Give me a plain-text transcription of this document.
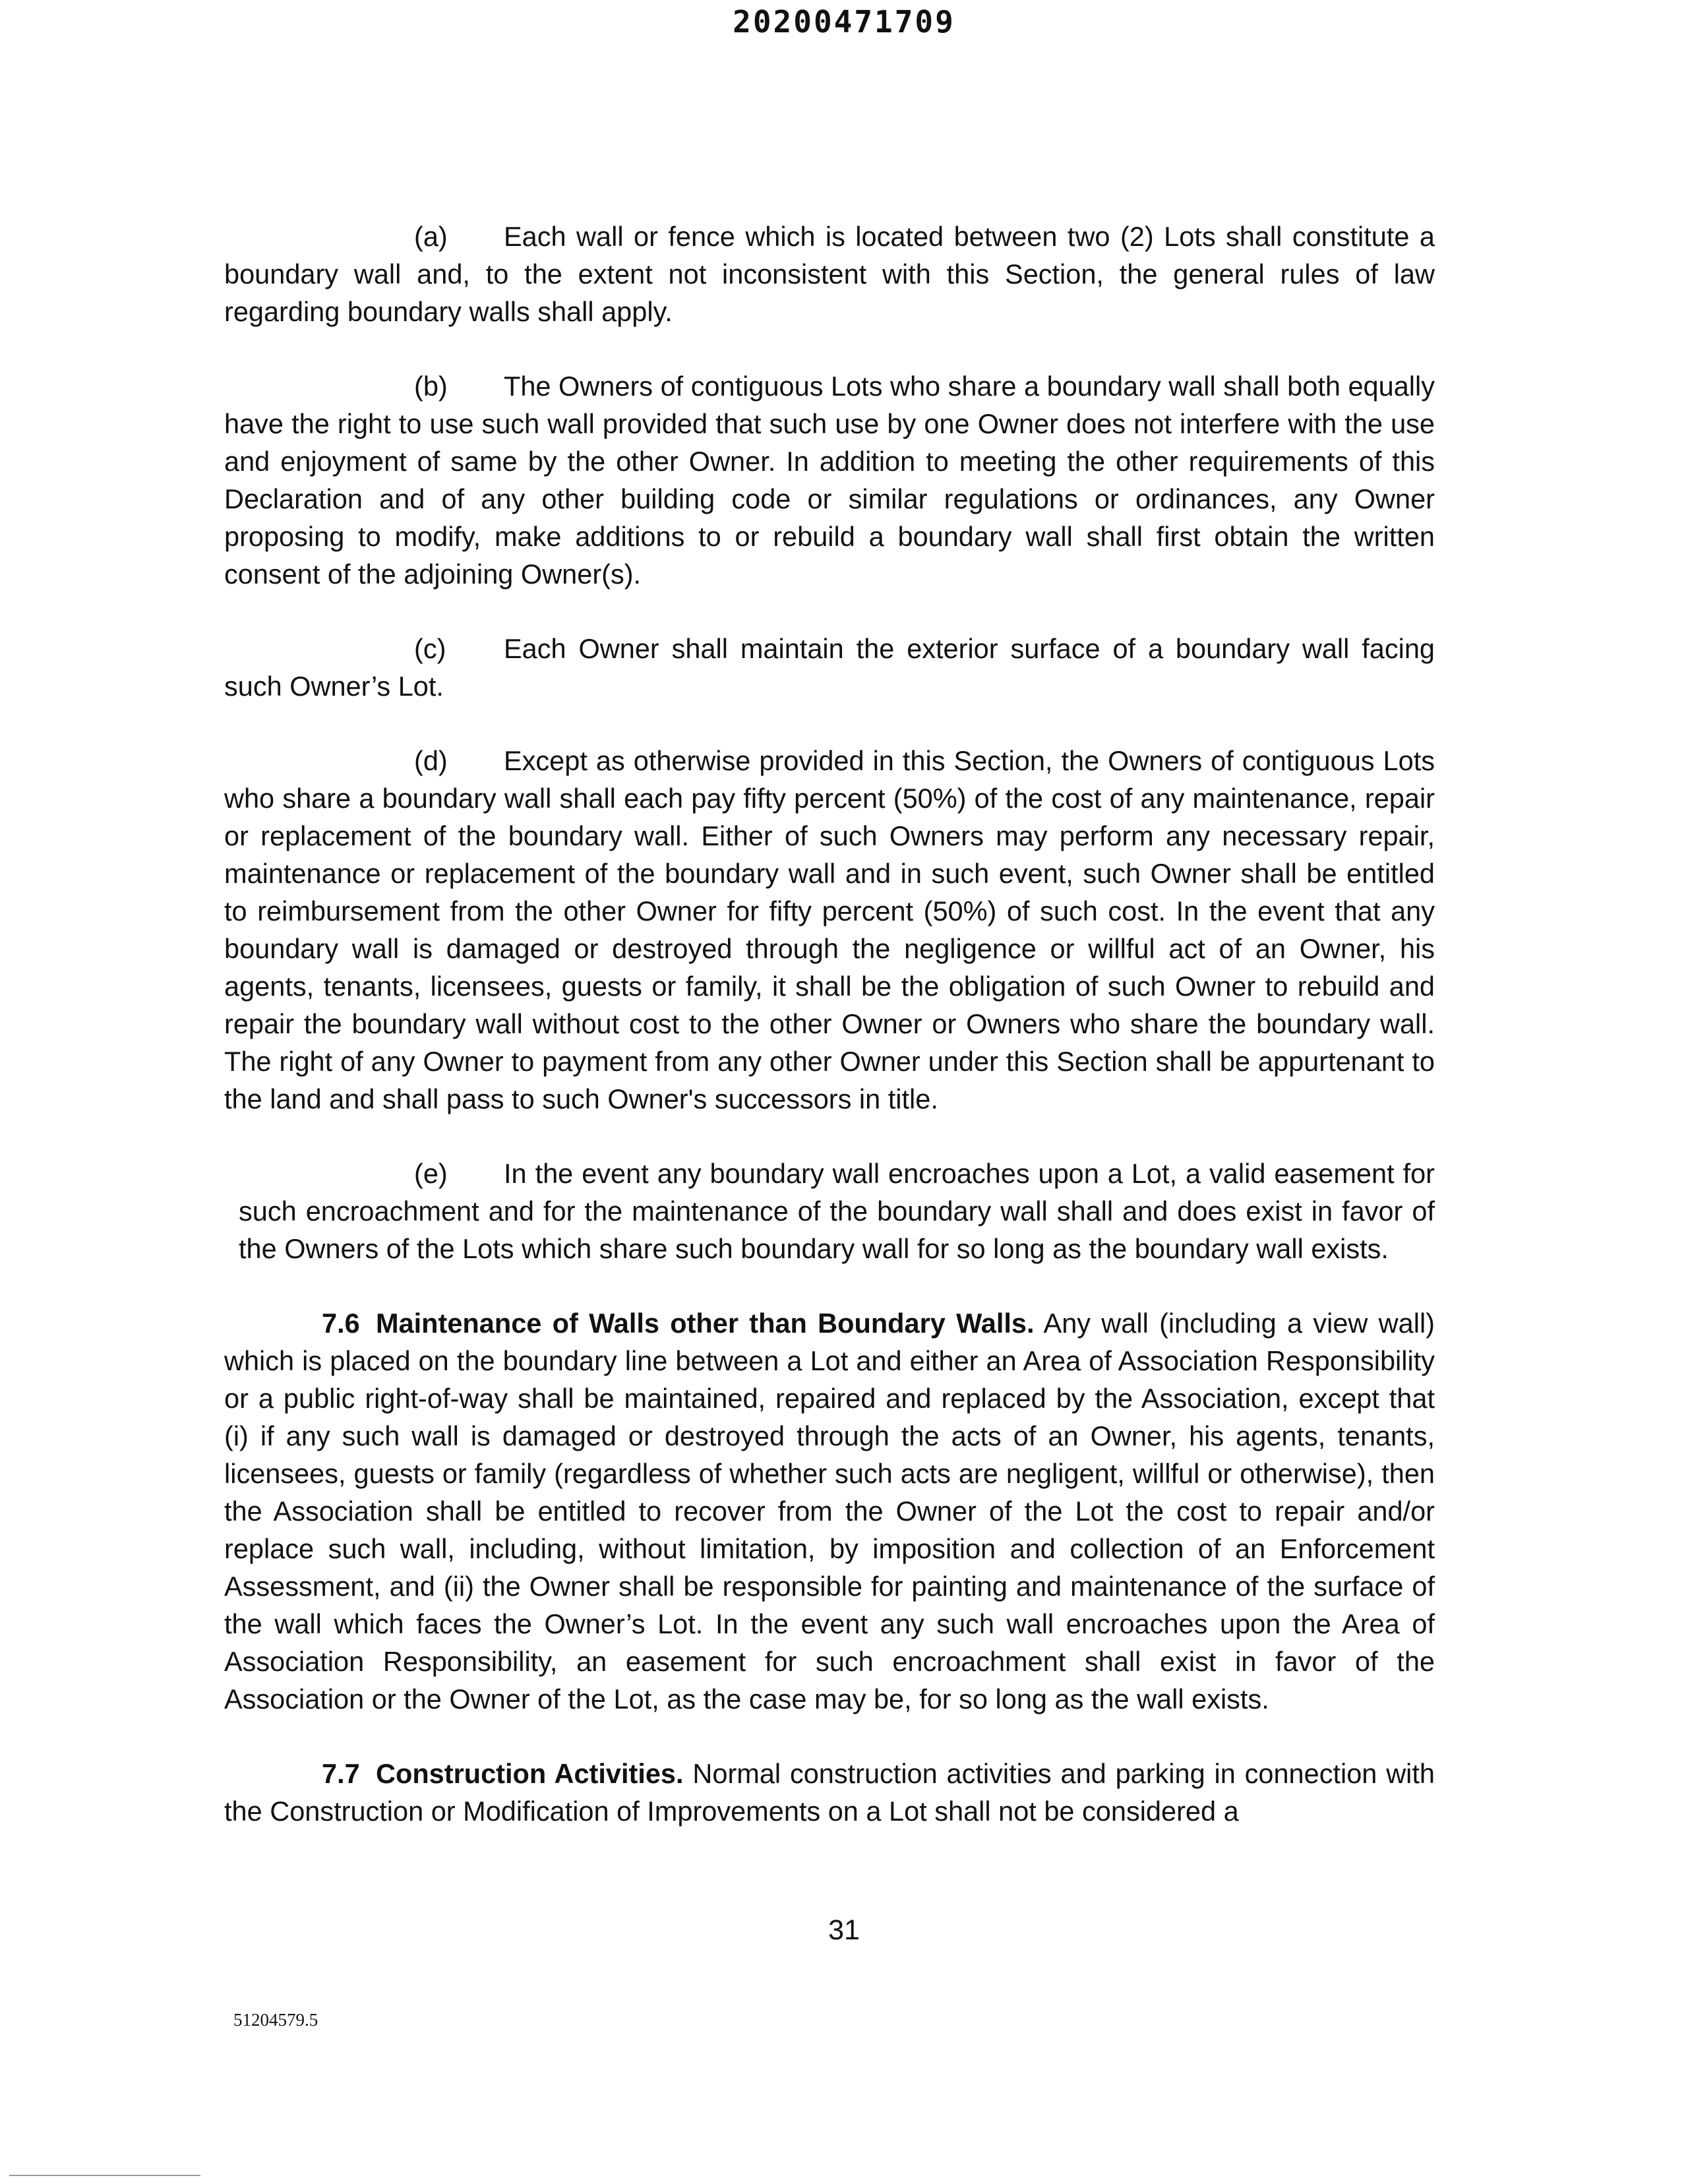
20200471709

(a) Each wall or fence which is located between two (2) Lots shall constitute a boundary wall and, to the extent not inconsistent with this Section, the general rules of law regarding boundary walls shall apply.

(b) The Owners of contiguous Lots who share a boundary wall shall both equally have the right to use such wall provided that such use by one Owner does not interfere with the use and enjoyment of same by the other Owner. In addition to meeting the other requirements of this Declaration and of any other building code or similar regulations or ordinances, any Owner proposing to modify, make additions to or rebuild a boundary wall shall first obtain the written consent of the adjoining Owner(s).

(c) Each Owner shall maintain the exterior surface of a boundary wall facing such Owner’s Lot.

(d) Except as otherwise provided in this Section, the Owners of contiguous Lots who share a boundary wall shall each pay fifty percent (50%) of the cost of any maintenance, repair or replacement of the boundary wall. Either of such Owners may perform any necessary repair, maintenance or replacement of the boundary wall and in such event, such Owner shall be entitled to reimbursement from the other Owner for fifty percent (50%) of such cost. In the event that any boundary wall is damaged or destroyed through the negligence or willful act of an Owner, his agents, tenants, licensees, guests or family, it shall be the obligation of such Owner to rebuild and repair the boundary wall without cost to the other Owner or Owners who share the boundary wall. The right of any Owner to payment from any other Owner under this Section shall be appurtenant to the land and shall pass to such Owner's successors in title.

(e) In the event any boundary wall encroaches upon a Lot, a valid easement for such encroachment and for the maintenance of the boundary wall shall and does exist in favor of the Owners of the Lots which share such boundary wall for so long as the boundary wall exists.

7.6 Maintenance of Walls other than Boundary Walls. Any wall (including a view wall) which is placed on the boundary line between a Lot and either an Area of Association Responsibility or a public right-of-way shall be maintained, repaired and replaced by the Association, except that (i) if any such wall is damaged or destroyed through the acts of an Owner, his agents, tenants, licensees, guests or family (regardless of whether such acts are negligent, willful or otherwise), then the Association shall be entitled to recover from the Owner of the Lot the cost to repair and/or replace such wall, including, without limitation, by imposition and collection of an Enforcement Assessment, and (ii) the Owner shall be responsible for painting and maintenance of the surface of the wall which faces the Owner’s Lot. In the event any such wall encroaches upon the Area of Association Responsibility, an easement for such encroachment shall exist in favor of the Association or the Owner of the Lot, as the case may be, for so long as the wall exists.

7.7 Construction Activities. Normal construction activities and parking in connection with the Construction or Modification of Improvements on a Lot shall not be considered a

31
51204579.5
